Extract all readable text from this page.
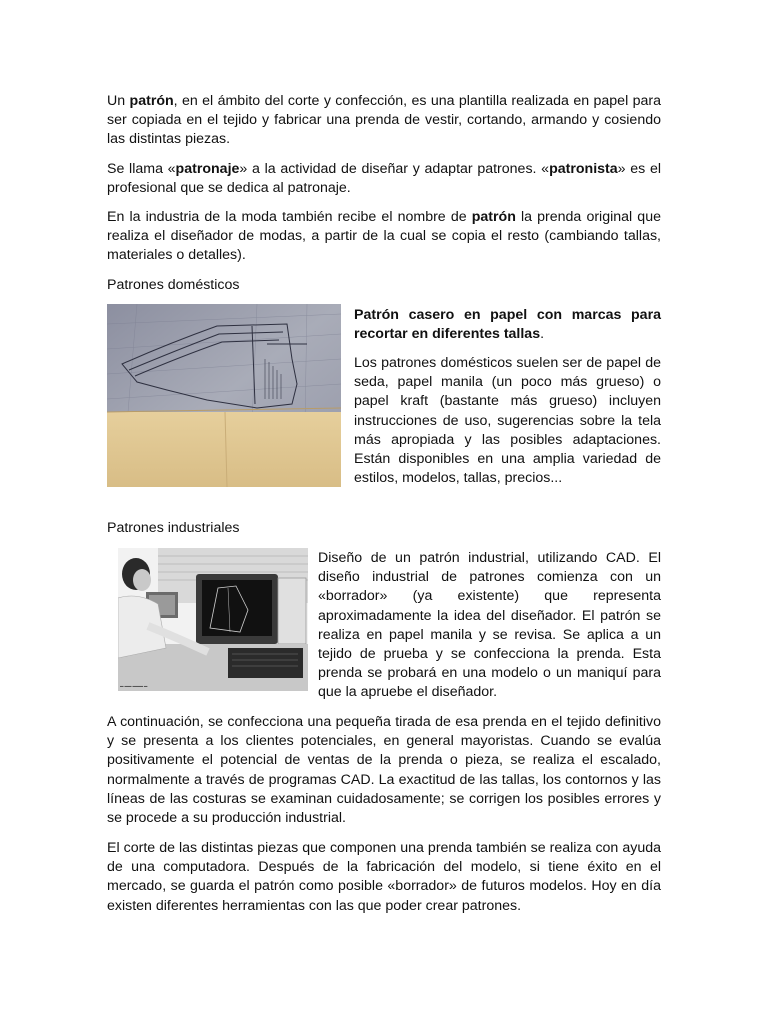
Un patrón, en el ámbito del corte y confección, es una plantilla realizada en papel para ser copiada en el tejido y fabricar una prenda de vestir, cortando, armando y cosiendo las distintas piezas.

Se llama «patronaje» a la actividad de diseñar y adaptar patrones. «patronista» es el profesional que se dedica al patronaje.

En la industria de la moda también recibe el nombre de patrón la prenda original que realiza el diseñador de modas, a partir de la cual se copia el resto (cambiando tallas, materiales o detalles).

Patrones domésticos

Patrón casero en papel con marcas para recortar en diferentes tallas.

Los patrones domésticos suelen ser de papel de seda, papel manila (un poco más grueso) o papel kraft (bastante más grueso) incluyen instrucciones de uso, sugerencias sobre la tela más apropiada y las posibles adaptaciones. Están disponibles en una amplia variedad de estilos, modelos, tallas, precios...

Patrones industriales
▬ ▬▬ ▬▬▬ ▬

Diseño de un patrón industrial, utilizando CAD. El diseño industrial de patrones comienza con un «borrador» (ya existente) que representa aproximadamente la idea del diseñador. El patrón se realiza en papel manila y se revisa. Se aplica a un tejido de prueba y se confecciona la prenda. Esta prenda se probará en una modelo o un maniquí para que la apruebe el diseñador.

A continuación, se confecciona una pequeña tirada de esa prenda en el tejido definitivo y se presenta a los clientes potenciales, en general mayoristas. Cuando se evalúa positivamente el potencial de ventas de la prenda o pieza, se realiza el escalado, normalmente a través de programas CAD. La exactitud de las tallas, los contornos y las líneas de las costuras se examinan cuidadosamente; se corrigen los posibles errores y se procede a su producción industrial.

El corte de las distintas piezas que componen una prenda también se realiza con ayuda de una computadora. Después de la fabricación del modelo, si tiene éxito en el mercado, se guarda el patrón como posible «borrador» de futuros modelos. Hoy en día existen diferentes herramientas con las que poder crear patrones.
